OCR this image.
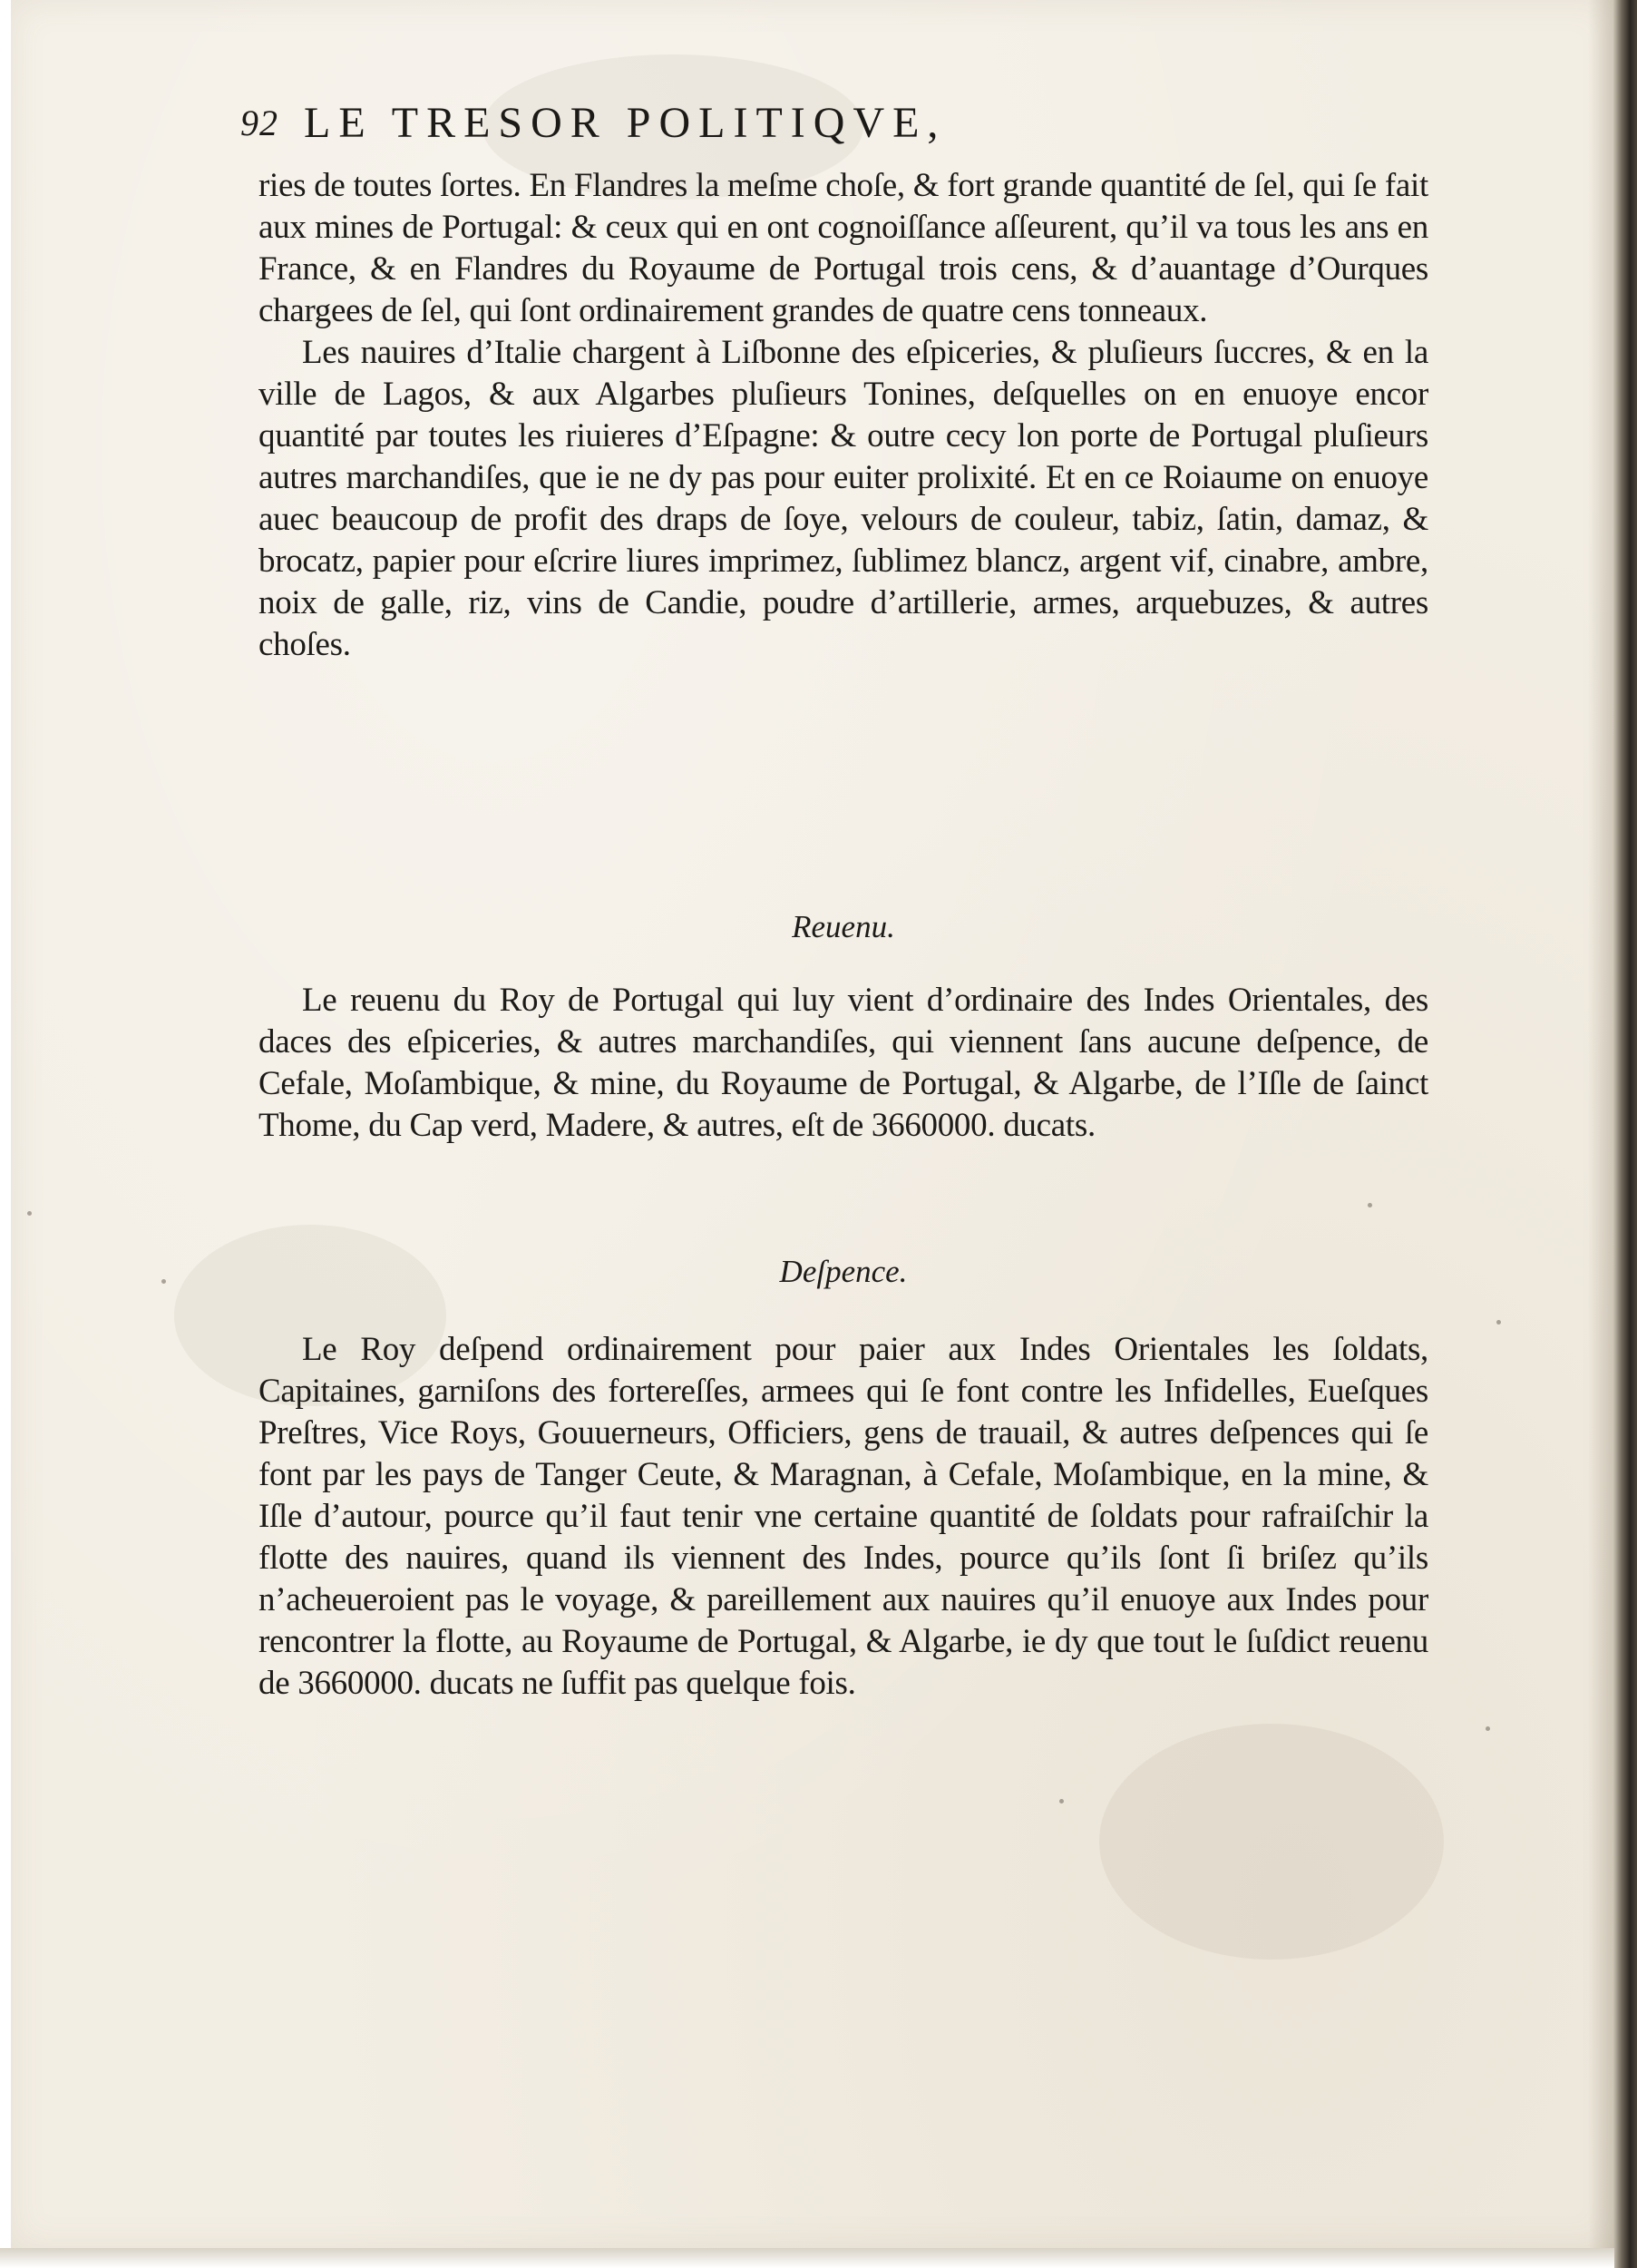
92 LE TRESOR POLITIQVE,

ries de toutes ſortes. En Flandres la meſme choſe, & fort grande quantité de ſel, qui ſe fait aux mines de Portugal: & ceux qui en ont cognoiſſance aſſeurent, qu’il va tous les ans en France, & en Flandres du Royaume de Portugal trois cens, & d’auantage d’Ourques chargees de ſel, qui ſont ordinairement grandes de quatre cens tonneaux.

Les nauires d’Italie chargent à Liſbonne des eſpiceries, & pluſieurs ſuccres, & en la ville de Lagos, & aux Algarbes pluſieurs Tonines, deſquelles on en enuoye encor quantité par toutes les riuieres d’Eſpagne: & outre cecy lon porte de Portugal pluſieurs autres marchandiſes, que ie ne dy pas pour euiter prolixité. Et en ce Roiaume on enuoye auec beaucoup de profit des draps de ſoye, velours de couleur, tabiz, ſatin, damaz, & brocatz, papier pour eſcrire liures imprimez, ſublimez blancz, argent vif, cinabre, ambre, noix de galle, riz, vins de Candie, poudre d’artillerie, armes, arquebuzes, & autres choſes.

Reuenu.

Le reuenu du Roy de Portugal qui luy vient d’ordinaire des Indes Orientales, des daces des eſpiceries, & autres marchandiſes, qui viennent ſans aucune deſpence, de Cefale, Moſambique, & mine, du Royaume de Portugal, & Algarbe, de l’Iſle de ſainct Thome, du Cap verd, Madere, & autres, eſt de 3660000. ducats.

Deſpence.

Le Roy deſpend ordinairement pour paier aux Indes Orientales les ſoldats, Capitaines, garniſons des fortereſſes, armees qui ſe font contre les Infidelles, Eueſques Preſtres, Vice Roys, Gouuerneurs, Officiers, gens de trauail, & autres deſpences qui ſe font par les pays de Tanger Ceute, & Maragnan, à Cefale, Moſambique, en la mine, & Iſle d’autour, pource qu’il faut tenir vne certaine quantité de ſoldats pour rafraiſchir la flotte des nauires, quand ils viennent des Indes, pource qu’ils ſont ſi briſez qu’ils n’acheueroient pas le voyage, & pareillement aux nauires qu’il enuoye aux Indes pour rencontrer la flotte, au Royaume de Portugal, & Algarbe, ie dy que tout le ſuſdict reuenu de 3660000. ducats ne ſuffit pas quelque fois.
